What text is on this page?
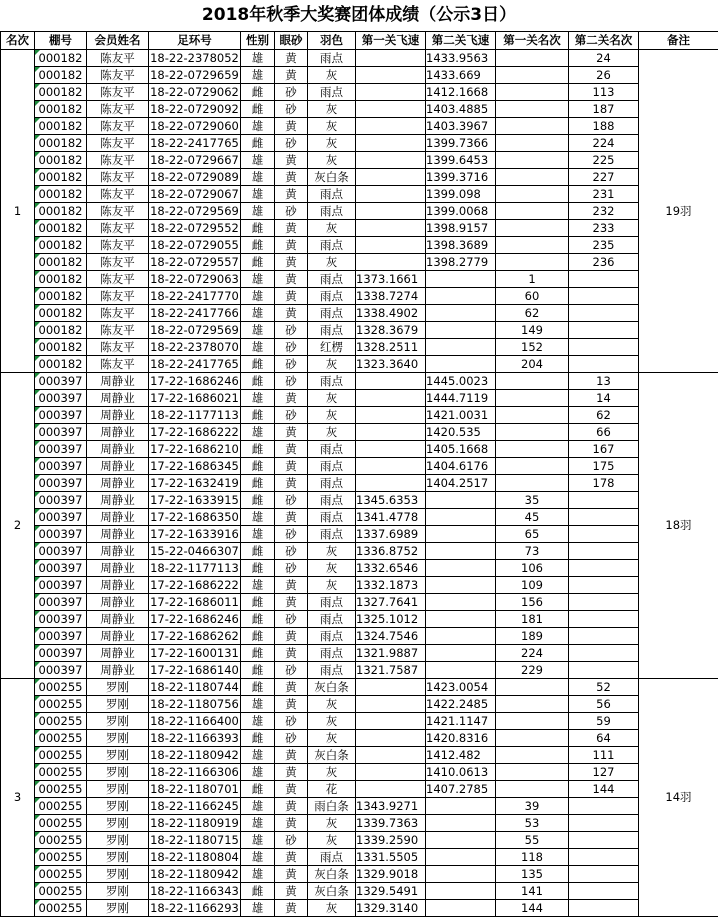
2018年秋季大奖赛团体成绩（公示3日）
名次	棚号	会员姓名	足环号	性别	眼砂	羽色	第一关飞速	第二关飞速	第一关名次	第二关名次	备注
1	000182	陈友平	18-22-2378052	雄	黄	雨点		1433.9563		24	19羽
	000182	陈友平	18-22-0729659	雄	黄	灰		1433.669		26	
	000182	陈友平	18-22-0729062	雌	砂	雨点		1412.1668		113	
	000182	陈友平	18-22-0729092	雌	砂	灰		1403.4885		187	
	000182	陈友平	18-22-0729060	雄	黄	灰		1403.3967		188	
	000182	陈友平	18-22-2417765	雌	砂	灰		1399.7366		224	
	000182	陈友平	18-22-0729667	雄	黄	灰		1399.6453		225	
	000182	陈友平	18-22-0729089	雄	黄	灰白条		1399.3716		227	
	000182	陈友平	18-22-0729067	雄	黄	雨点		1399.098		231	
	000182	陈友平	18-22-0729569	雄	砂	雨点		1399.0068		232	
	000182	陈友平	18-22-0729552	雌	黄	灰		1398.9157		233	
	000182	陈友平	18-22-0729055	雌	黄	雨点		1398.3689		235	
	000182	陈友平	18-22-0729557	雌	黄	灰		1398.2779		236	
	000182	陈友平	18-22-0729063	雄	黄	雨点	1373.1661		1		
	000182	陈友平	18-22-2417770	雄	黄	雨点	1338.7274		60		
	000182	陈友平	18-22-2417766	雄	黄	雨点	1338.4902		62		
	000182	陈友平	18-22-0729569	雄	砂	雨点	1328.3679		149		
	000182	陈友平	18-22-2378070	雄	砂	红楞	1328.2511		152		
	000182	陈友平	18-22-2417765	雌	砂	灰	1323.3640		204		
2	000397	周静业	17-22-1686246	雌	砂	雨点		1445.0023		13	18羽
	000397	周静业	17-22-1686021	雄	黄	灰		1444.7119		14	
	000397	周静业	18-22-1177113	雌	砂	灰		1421.0031		62	
	000397	周静业	17-22-1686222	雄	黄	灰		1420.535		66	
	000397	周静业	17-22-1686210	雌	黄	雨点		1405.1668		167	
	000397	周静业	17-22-1686345	雌	黄	雨点		1404.6176		175	
	000397	周静业	17-22-1632419	雌	黄	雨点		1404.2517		178	
	000397	周静业	17-22-1633915	雌	砂	雨点	1345.6353		35		
	000397	周静业	17-22-1686350	雄	黄	雨点	1341.4778		45		
	000397	周静业	17-22-1633916	雄	砂	雨点	1337.6989		65		
	000397	周静业	15-22-0466307	雌	砂	灰	1336.8752		73		
	000397	周静业	18-22-1177113	雌	砂	灰	1332.6546		106		
	000397	周静业	17-22-1686222	雄	黄	灰	1332.1873		109		
	000397	周静业	17-22-1686011	雌	黄	雨点	1327.7641		156		
	000397	周静业	17-22-1686246	雌	砂	雨点	1325.1012		181		
	000397	周静业	17-22-1686262	雌	黄	雨点	1324.7546		189		
	000397	周静业	17-22-1600131	雌	黄	雨点	1321.9887		224		
	000397	周静业	17-22-1686140	雌	砂	雨点	1321.7587		229		
3	000255	罗刚	18-22-1180744	雌	黄	灰白条		1423.0054		52	14羽
	000255	罗刚	18-22-1180756	雄	黄	灰		1422.2485		56	
	000255	罗刚	18-22-1166400	雄	砂	灰		1421.1147		59	
	000255	罗刚	18-22-1166393	雌	砂	灰		1420.8316		64	
	000255	罗刚	18-22-1180942	雄	黄	灰白条		1412.482		111	
	000255	罗刚	18-22-1166306	雄	黄	灰		1410.0613		127	
	000255	罗刚	18-22-1180701	雌	黄	花		1407.2785		144	
	000255	罗刚	18-22-1166245	雄	黄	雨白条	1343.9271		39		
	000255	罗刚	18-22-1180919	雄	黄	灰	1339.7363		53		
	000255	罗刚	18-22-1180715	雄	砂	灰	1339.2590		55		
	000255	罗刚	18-22-1180804	雄	黄	雨点	1331.5505		118		
	000255	罗刚	18-22-1180942	雄	黄	灰白条	1329.9018		135		
	000255	罗刚	18-22-1166343	雌	黄	灰白条	1329.5491		141		
	000255	罗刚	18-22-1166293	雄	黄	灰	1329.3140		144		
